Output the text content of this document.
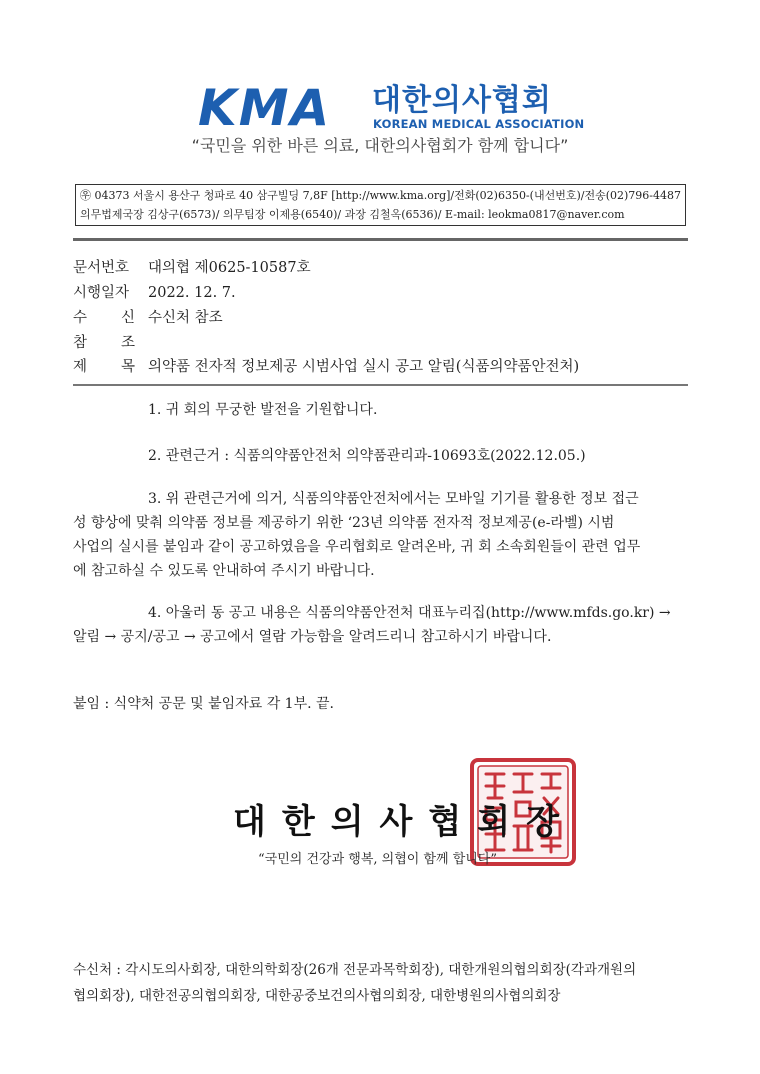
KMA	대한의사협회
KOREAN MEDICAL ASSOCIATION
“국민을 위한 바른 의료, 대한의사협회가 함께 합니다”
㉾ 04373 서울시 용산구 청파로 40 삼구빌딩 7,8F [http://www.kma.org]/전화(02)6350-(내선번호)/전송(02)796-4487
의무법제국장 김상구(6573)/ 의무팀장 이제용(6540)/ 과장 김철옥(6536)/ E-mail: leokma0817@naver.com
문서번호 대의협 제0625-10587호
시행일자 2022. 12. 7.
수 신 수신처 참조
참 조
제 목 의약품 전자적 정보제공 시범사업 실시 공고 알림(식품의약품안전처)
1. 귀 회의 무궁한 발전을 기원합니다.
2. 관련근거 : 식품의약품안전처 의약품관리과-10693호(2022.12.05.)
3. 위 관련근거에 의거, 식품의약품안전처에서는 모바일 기기를 활용한 정보 접근
성 향상에 맞춰 의약품 정보를 제공하기 위한 ‘23년 의약품 전자적 정보제공(e-라벨) 시범
사업의 실시를 붙임과 같이 공고하였음을 우리협회로 알려온바, 귀 회 소속회원들이 관련 업무
에 참고하실 수 있도록 안내하여 주시기 바랍니다.
4. 아울러 동 공고 내용은 식품의약품안전처 대표누리집(http://www.mfds.go.kr) →
알림 → 공지/공고 → 공고에서 열람 가능함을 알려드리니 참고하시기 바랍니다.
붙임 : 식약처 공문 및 붙임자료 각 1부. 끝.
대한의사협회장
“국민의 건강과 행복, 의협이 함께 합니다”
수신처 : 각시도의사회장, 대한의학회장(26개 전문과목학회장), 대한개원의협의회장(각과개원의
협의회장), 대한전공의협의회장, 대한공중보건의사협의회장, 대한병원의사협의회장
